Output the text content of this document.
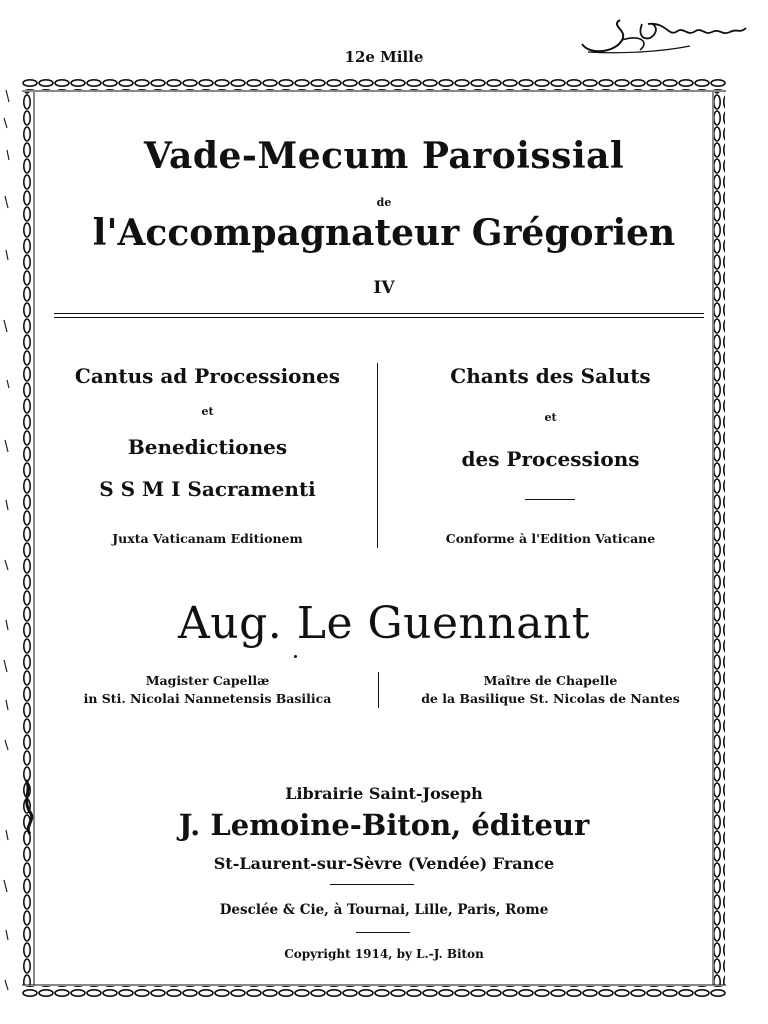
12e Mille
Vade-Mecum Paroissial
de
l'Accompagnateur Grégorien
IV
Cantus ad Processiones
et
Benedictiones
S S M I Sacramenti
Juxta Vaticanam Editionem
Chants des Saluts
et
des Processions
Conforme à l'Edition Vaticane
Aug. Le Guennant
Magister Capellæ
in Sti. Nicolai Nannetensis Basilica
Maître de Chapelle
de la Basilique St. Nicolas de Nantes
Librairie Saint-Joseph
J. Lemoine-Biton, éditeur
St-Laurent-sur-Sèvre (Vendée) France
Desclée & Cie, à Tournai, Lille, Paris, Rome
Copyright 1914, by L.-J. Biton
